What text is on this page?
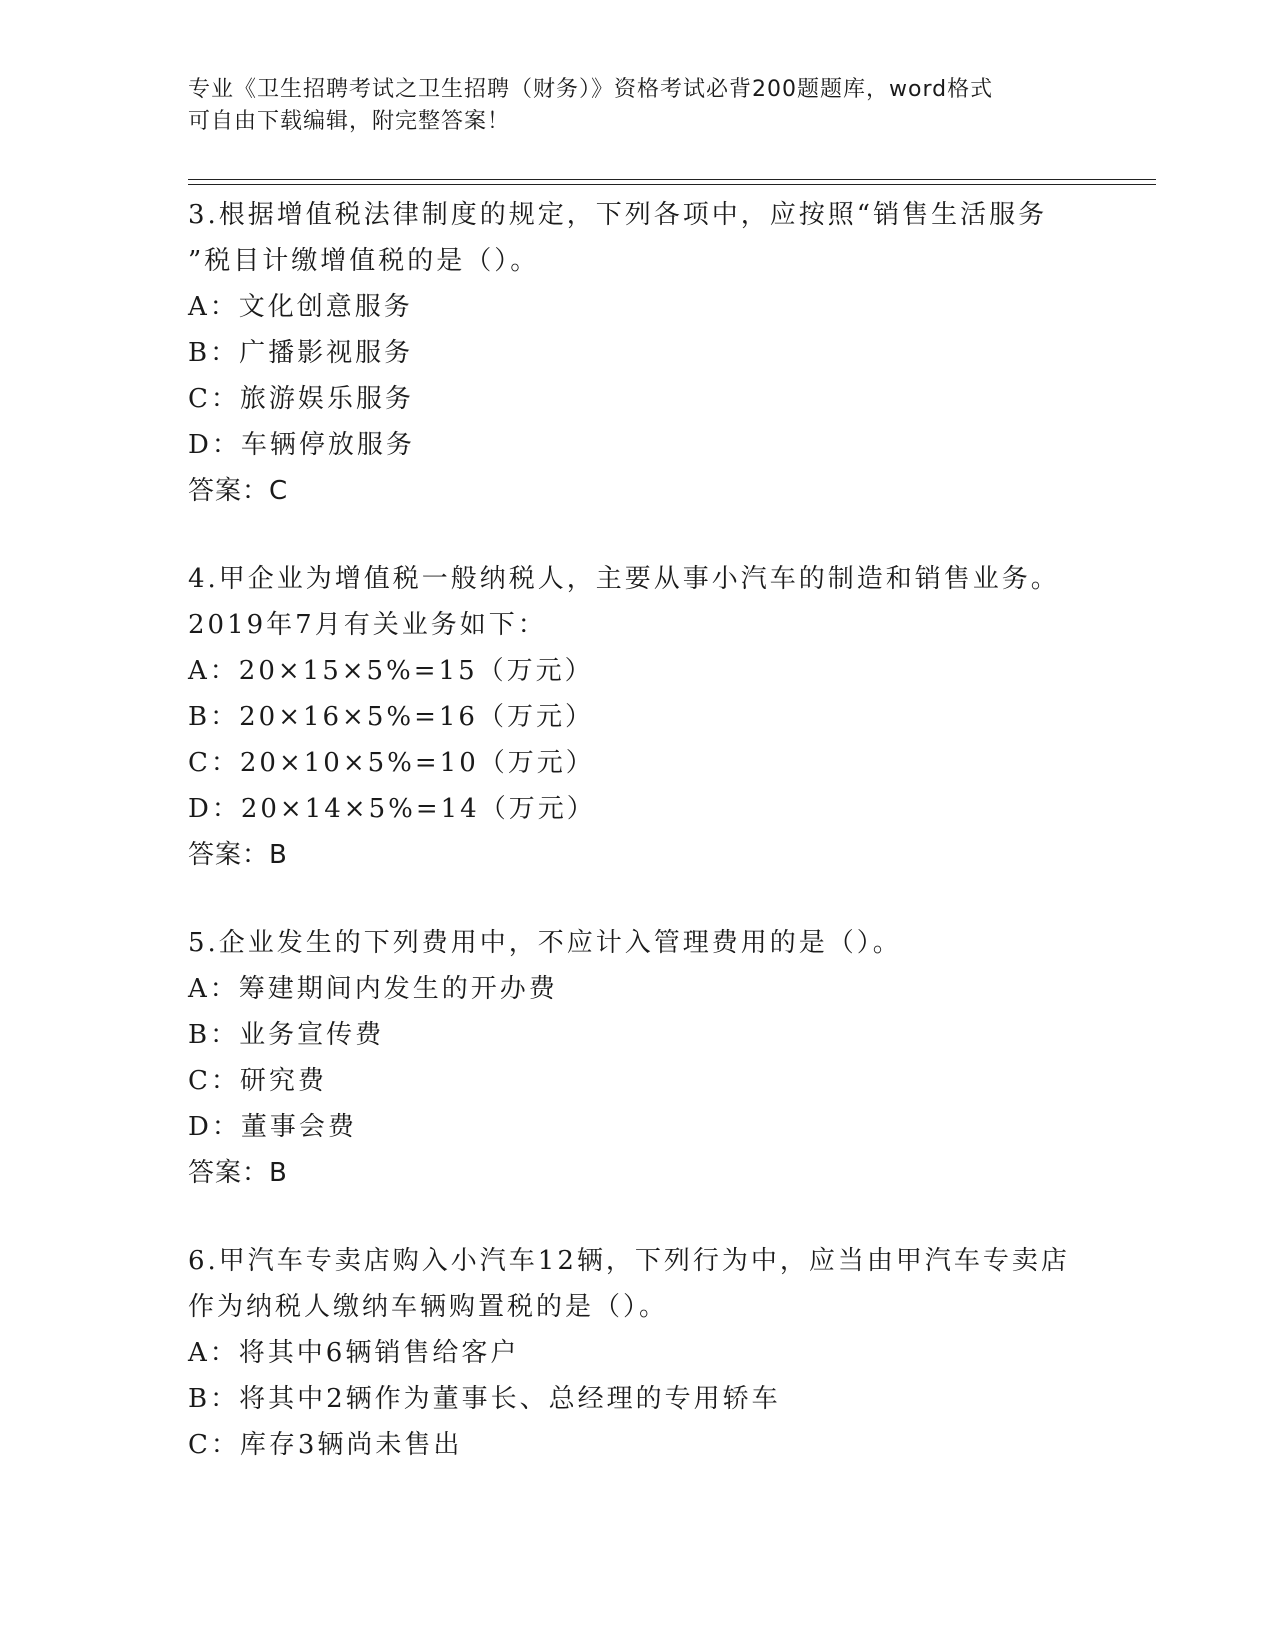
专业《卫生招聘考试之卫生招聘（财务）》资格考试必背200题题库，word格式
可自由下载编辑，附完整答案！
3.根据增值税法律制度的规定，下列各项中，应按照“销售生活服务
”税目计缴增值税的是（）。
A：文化创意服务
B：广播影视服务
C：旅游娱乐服务
D：车辆停放服务
答案：C
4.甲企业为增值税一般纳税人，主要从事小汽车的制造和销售业务。
2019年7月有关业务如下：
A：20×15×5%=15（万元）
B：20×16×5%=16（万元）
C：20×10×5%=10（万元）
D：20×14×5%=14（万元）
答案：B
5.企业发生的下列费用中，不应计入管理费用的是（）。
A：筹建期间内发生的开办费
B：业务宣传费
C：研究费
D：董事会费
答案：B
6.甲汽车专卖店购入小汽车12辆，下列行为中，应当由甲汽车专卖店
作为纳税人缴纳车辆购置税的是（）。
A：将其中6辆销售给客户
B：将其中2辆作为董事长、总经理的专用轿车
C：库存3辆尚未售出
